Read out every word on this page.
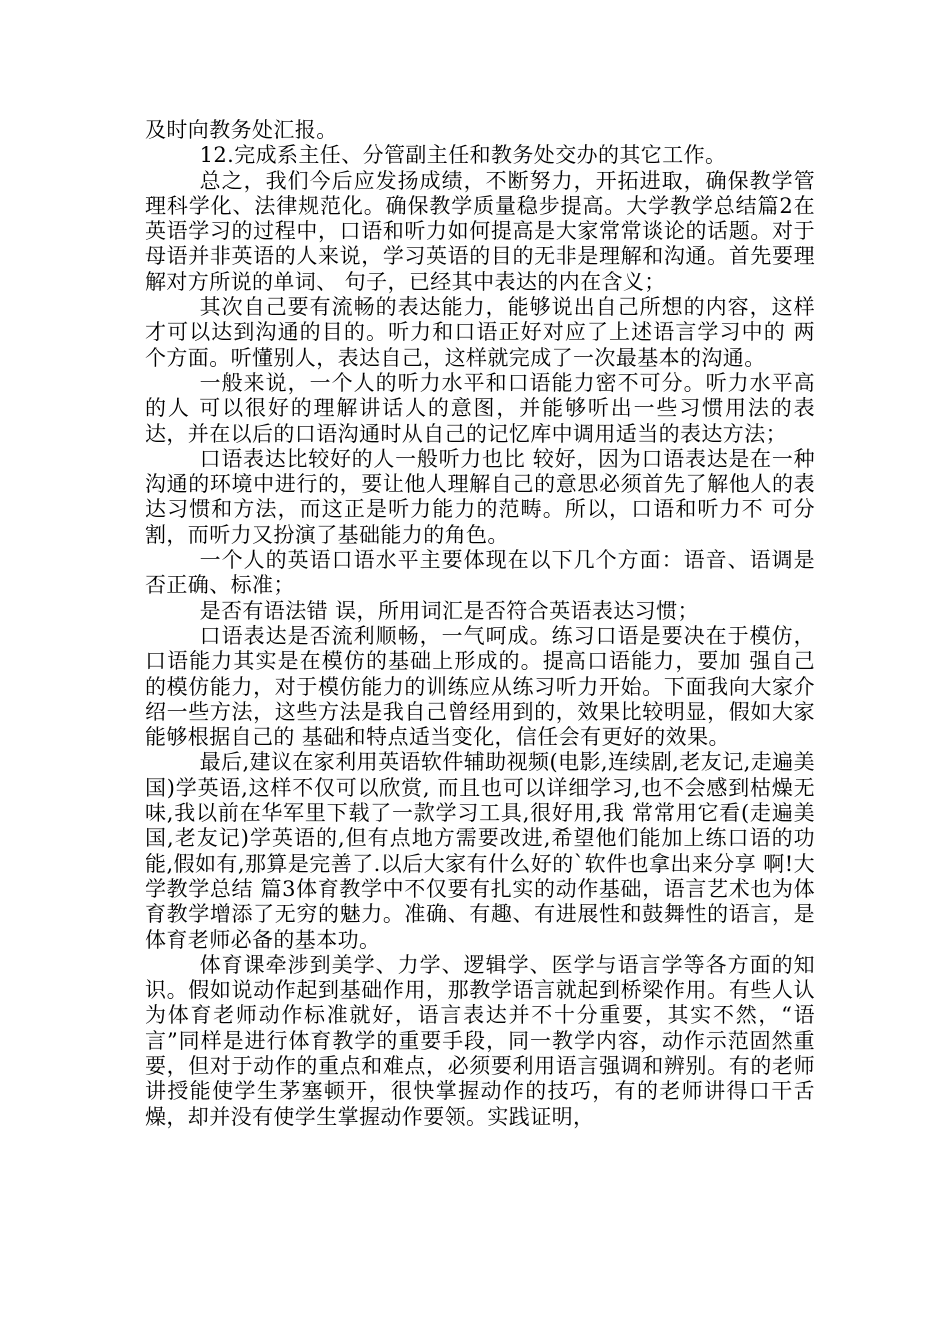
及时向教务处汇报。

12.完成系主任、分管副主任和教务处交办的其它工作。

总之，我们今后应发扬成绩，不断努力，开拓进取，确保教学管理科学化、法律规范化。确保教学质量稳步提高。大学教学总结篇2在英语学习的过程中，口语和听力如何提高是大家常常谈论的话题。对于母语并非英语的人来说，学习英语的目的无非是理解和沟通。首先要理解对方所说的单词、 句子，已经其中表达的内在含义；

其次自己要有流畅的表达能力，能够说出自己所想的内容，这样才可以达到沟通的目的。听力和口语正好对应了上述语言学习中的 两个方面。听懂别人，表达自己，这样就完成了一次最基本的沟通。

一般来说，一个人的听力水平和口语能力密不可分。听力水平高的人 可以很好的理解讲话人的意图，并能够听出一些习惯用法的表达，并在以后的口语沟通时从自己的记忆库中调用适当的表达方法；

口语表达比较好的人一般听力也比 较好，因为口语表达是在一种沟通的环境中进行的，要让他人理解自己的意思必须首先了解他人的表达习惯和方法，而这正是听力能力的范畴。所以，口语和听力不 可分割，而听力又扮演了基础能力的角色。

一个人的英语口语水平主要体现在以下几个方面：语音、语调是否正确、标准；

是否有语法错 误，所用词汇是否符合英语表达习惯；

口语表达是否流利顺畅，一气呵成。练习口语是要决在于模仿，口语能力其实是在模仿的基础上形成的。提高口语能力，要加 强自己的模仿能力，对于模仿能力的训练应从练习听力开始。下面我向大家介绍一些方法，这些方法是我自己曾经用到的，效果比较明显，假如大家能够根据自己的 基础和特点适当变化，信任会有更好的效果。

最后,建议在家利用英语软件辅助视频(电影,连续剧,老友记,走遍美国)学英语,这样不仅可以欣赏, 而且也可以详细学习,也不会感到枯燥无味,我以前在华军里下载了一款学习工具,很好用,我 常常用它看(走遍美国,老友记)学英语的,但有点地方需要改进,希望他们能加上练口语的功能,假如有,那算是完善了.以后大家有什么好的`软件也拿出来分享 啊!大学教学总结 篇3体育教学中不仅要有扎实的动作基础，语言艺术也为体育教学增添了无穷的魅力。准确、有趣、有进展性和鼓舞性的语言，是体育老师必备的基本功。

体育课牵涉到美学、力学、逻辑学、医学与语言学等各方面的知识。假如说动作起到基础作用，那教学语言就起到桥梁作用。有些人认为体育老师动作标准就好，语言表达并不十分重要，其实不然，“语言”同样是进行体育教学的重要手段，同一教学内容，动作示范固然重要，但对于动作的重点和难点，必须要利用语言强调和辨别。有的老师讲授能使学生茅塞顿开，很快掌握动作的技巧，有的老师讲得口干舌燥，却并没有使学生掌握动作要领。实践证明，
